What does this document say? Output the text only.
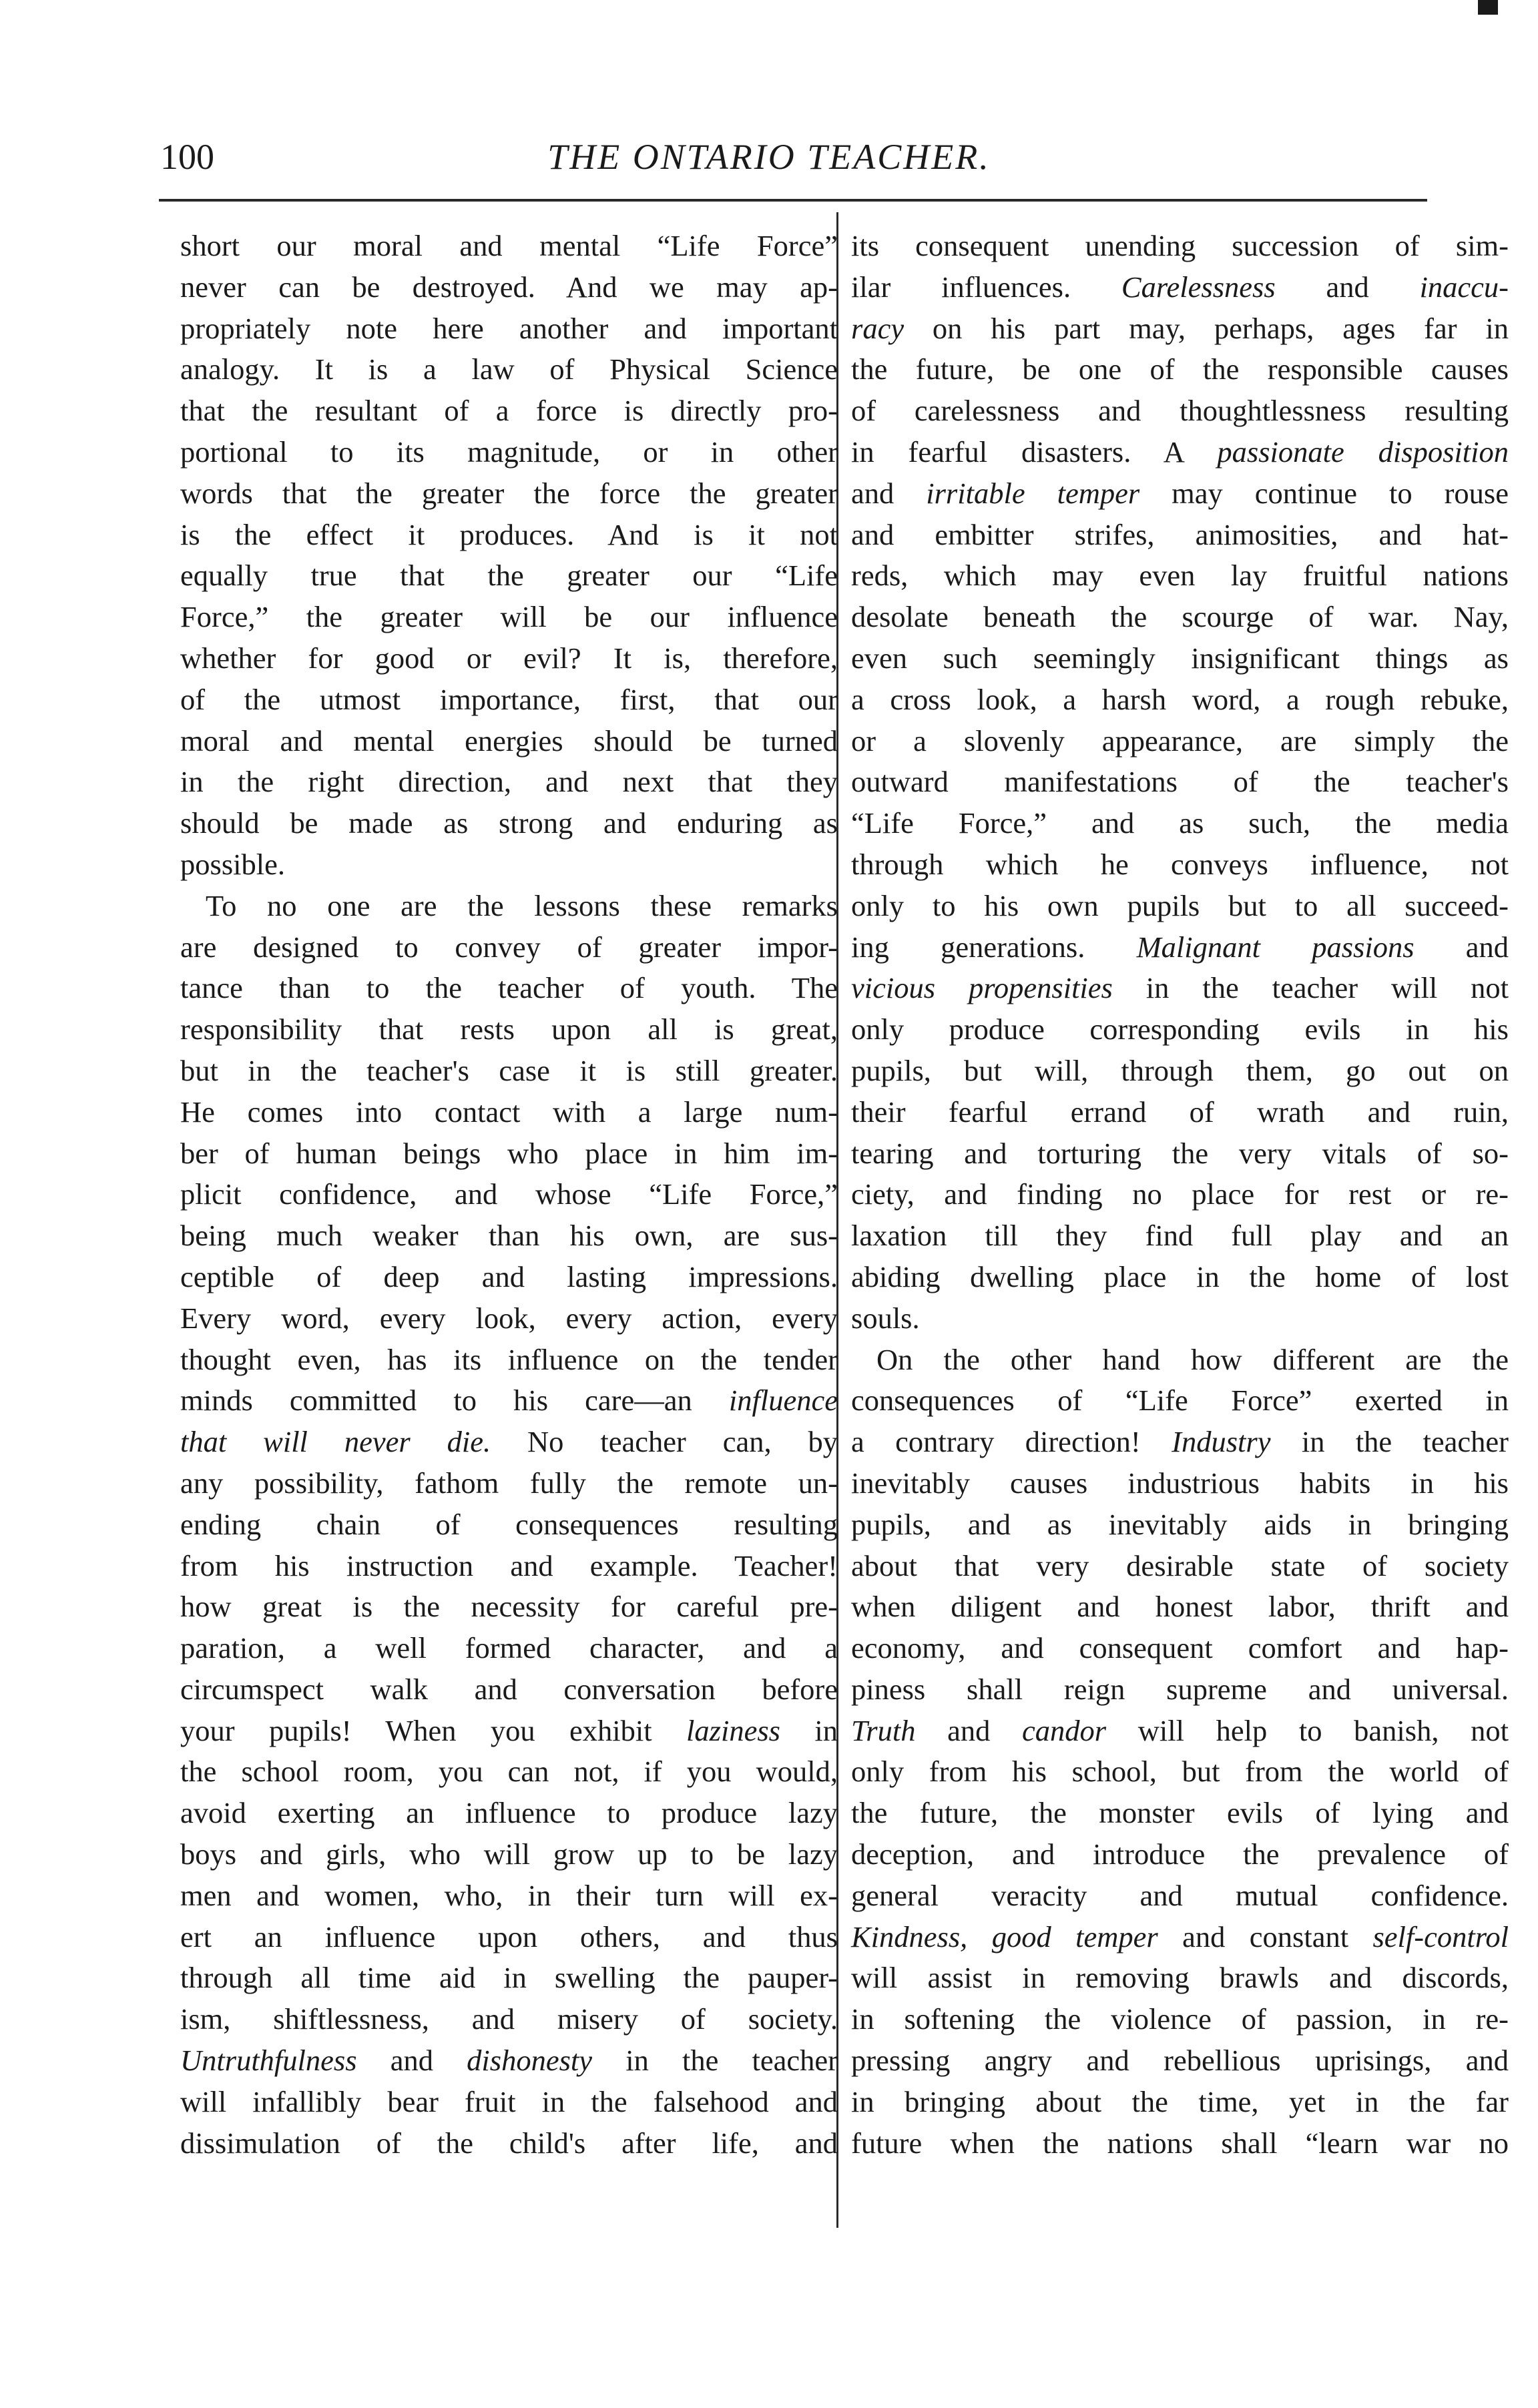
100	THE ONTARIO TEACHER.
short our moral and mental “Life Force”
never can be destroyed. And we may ap-
propriately note here another and important
analogy. It is a law of Physical Science
that the resultant of a force is directly pro-
portional to its magnitude, or in other
words that the greater the force the greater
is the effect it produces. And is it not
equally true that the greater our “Life
Force,” the greater will be our influence
whether for good or evil? It is, therefore,
of the utmost importance, first, that our
moral and mental energies should be turned
in the right direction, and next that they
should be made as strong and enduring as
possible.
To no one are the lessons these remarks
are designed to convey of greater impor-
tance than to the teacher of youth. The
responsibility that rests upon all is great,
but in the teacher's case it is still greater.
He comes into contact with a large num-
ber of human beings who place in him im-
plicit confidence, and whose “Life Force,”
being much weaker than his own, are sus-
ceptible of deep and lasting impressions.
Every word, every look, every action, every
thought even, has its influence on the tender
minds committed to his care—an influence
that will never die. No teacher can, by
any possibility, fathom fully the remote un-
ending chain of consequences resulting
from his instruction and example. Teacher!
how great is the necessity for careful pre-
paration, a well formed character, and a
circumspect walk and conversation before
your pupils! When you exhibit laziness in
the school room, you can not, if you would,
avoid exerting an influence to produce lazy
boys and girls, who will grow up to be lazy
men and women, who, in their turn will ex-
ert an influence upon others, and thus
through all time aid in swelling the pauper-
ism, shiftlessness, and misery of society.
Untruthfulness and dishonesty in the teacher
will infallibly bear fruit in the falsehood and
dissimulation of the child's after life, and
its consequent unending succession of sim-
ilar influences. Carelessness and inaccu-
racy on his part may, perhaps, ages far in
the future, be one of the responsible causes
of carelessness and thoughtlessness resulting
in fearful disasters. A passionate disposition
and irritable temper may continue to rouse
and embitter strifes, animosities, and hat-
reds, which may even lay fruitful nations
desolate beneath the scourge of war. Nay,
even such seemingly insignificant things as
a cross look, a harsh word, a rough rebuke,
or a slovenly appearance, are simply the
outward manifestations of the teacher's
“Life Force,” and as such, the media
through which he conveys influence, not
only to his own pupils but to all succeed-
ing generations. Malignant passions and
vicious propensities in the teacher will not
only produce corresponding evils in his
pupils, but will, through them, go out on
their fearful errand of wrath and ruin,
tearing and torturing the very vitals of so-
ciety, and finding no place for rest or re-
laxation till they find full play and an
abiding dwelling place in the home of lost
souls.
On the other hand how different are the
consequences of “Life Force” exerted in
a contrary direction! Industry in the teacher
inevitably causes industrious habits in his
pupils, and as inevitably aids in bringing
about that very desirable state of society
when diligent and honest labor, thrift and
economy, and consequent comfort and hap-
piness shall reign supreme and universal.
Truth and candor will help to banish, not
only from his school, but from the world of
the future, the monster evils of lying and
deception, and introduce the prevalence of
general veracity and mutual confidence.
Kindness, good temper and constant self-control
will assist in removing brawls and discords,
in softening the violence of passion, in re-
pressing angry and rebellious uprisings, and
in bringing about the time, yet in the far
future when the nations shall “learn war no
